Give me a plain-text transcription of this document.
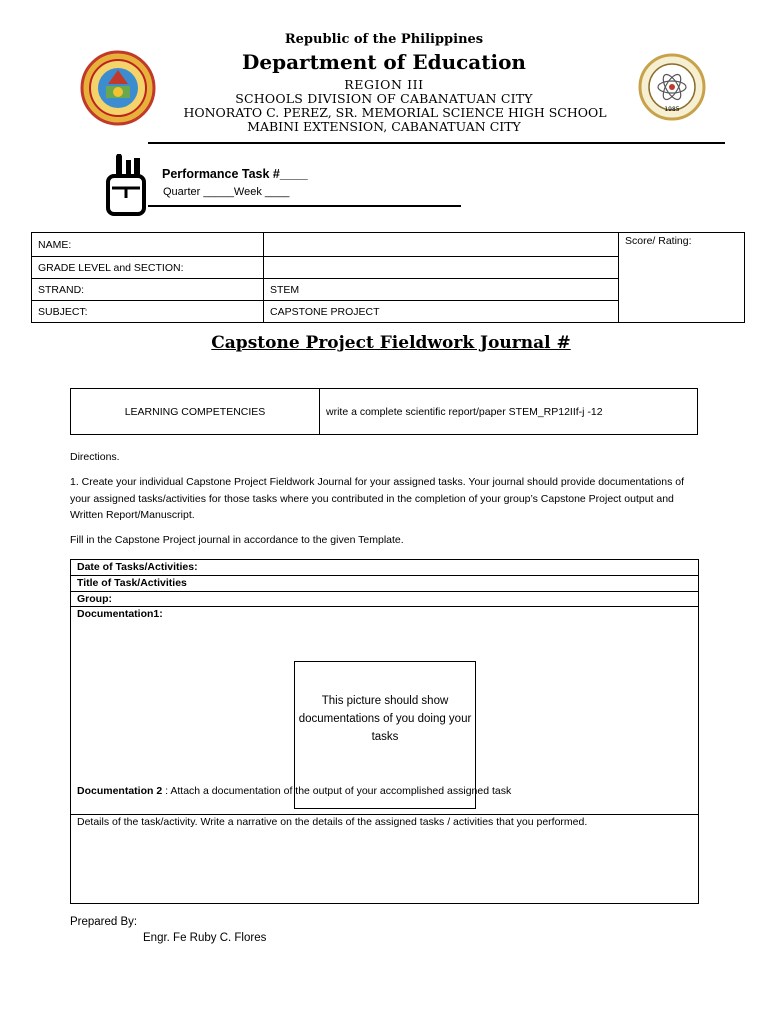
1985
Republic of the Philippines
Department of Education
REGION III
SCHOOLS DIVISION OF CABANATUAN CITY
HONORATO C. PEREZ, SR. MEMORIAL SCIENCE HIGH SCHOOL
MABINI EXTENSION, CABANATUAN CITY
Performance Task #____
Quarter _____Week ____
NAME:		Score/ Rating:
GRADE LEVEL and SECTION:		
STRAND:	STEM	
SUBJECT:	CAPSTONE PROJECT	
Capstone Project Fieldwork Journal #
LEARNING COMPETENCIES	write a complete scientific report/paper STEM_RP12IIf-j -12
Directions.
1. Create your individual Capstone Project Fieldwork Journal for your assigned tasks. Your journal should provide documentations of your assigned tasks/activities for those tasks where you contributed in the completion of your group’s Capstone Project output and Written Report/Manuscript.
Fill in the Capstone Project journal in accordance to the given Template.
Date of Tasks/Activities:
Title of Task/Activities
Group:
Documentation1:
This picture should show documentations of you doing your tasks
Documentation 2 : Attach a documentation of the output of your accomplished assigned task
Details of the task/activity. Write a narrative on the details of the assigned tasks / activities that you performed.
Prepared By:
Engr. Fe Ruby C. Flores
